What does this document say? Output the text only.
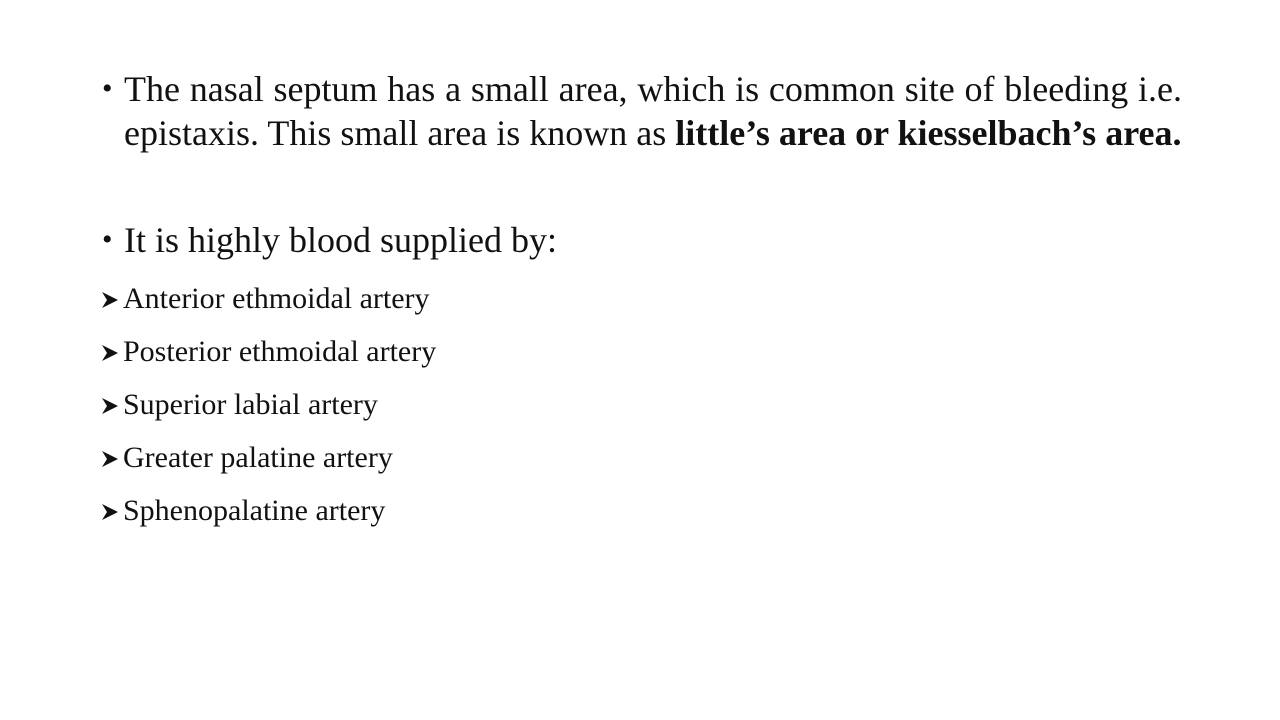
• The nasal septum has a small area, which is common site of bleeding i.e. epistaxis. This small area is known as little’s area or kiesselbach’s area.
• It is highly blood supplied by:
Anterior ethmoidal artery
Posterior ethmoidal artery
Superior labial artery
Greater palatine artery
Sphenopalatine artery
